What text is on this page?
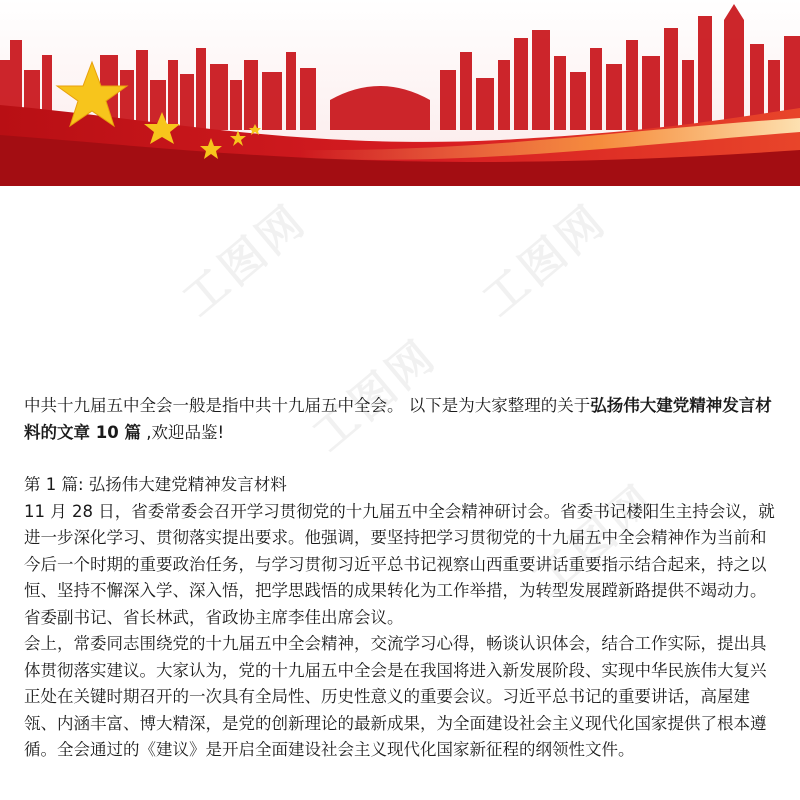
工图网	工图网
工图网
工图网

中共十九届五中全会一般是指中共十九届五中全会。 以下是为大家整理的关于弘扬伟大建党精神发言材料的文章 10 篇 ,欢迎品鉴!

第 1 篇: 弘扬伟大建党精神发言材料

11 月 28 日，省委常委会召开学习贯彻党的十九届五中全会精神研讨会。省委书记楼阳生主持会议，就进一步深化学习、贯彻落实提出要求。他强调，要坚持把学习贯彻党的十九届五中全会精神作为当前和今后一个时期的重要政治任务，与学习贯彻习近平总书记视察山西重要讲话重要指示结合起来，持之以恒、坚持不懈深入学、深入悟，把学思践悟的成果转化为工作举措，为转型发展蹚新路提供不竭动力。省委副书记、省长林武，省政协主席李佳出席会议。

会上，常委同志围绕党的十九届五中全会精神，交流学习心得，畅谈认识体会，结合工作实际，提出具体贯彻落实建议。大家认为，党的十九届五中全会是在我国将进入新发展阶段、实现中华民族伟大复兴正处在关键时期召开的一次具有全局性、历史性意义的重要会议。习近平总书记的重要讲话，高屋建瓴、内涵丰富、博大精深，是党的创新理论的最新成果，为全面建设社会主义现代化国家提供了根本遵循。全会通过的《建议》是开启全面建设社会主义现代化国家新征程的纲领性文件。
